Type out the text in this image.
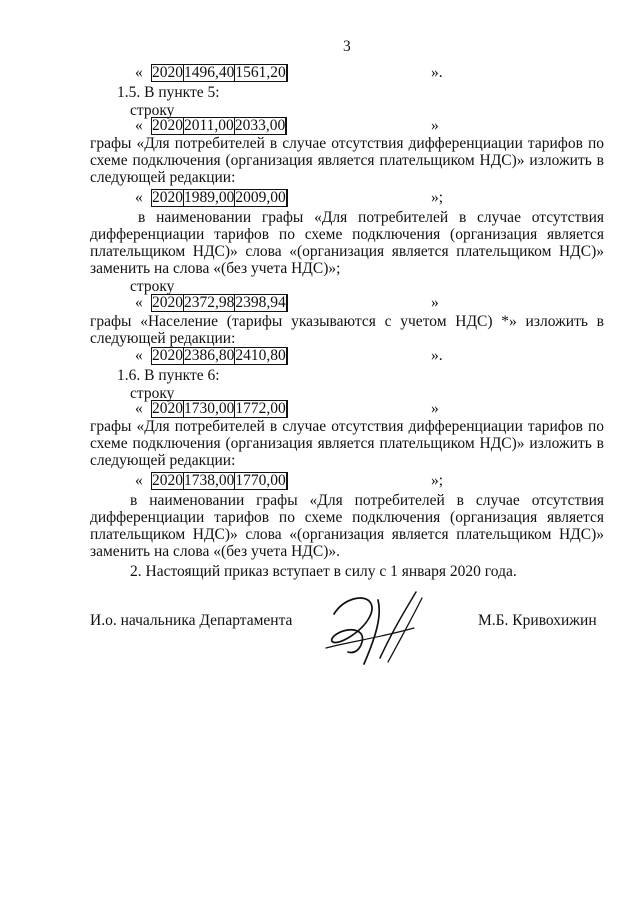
3
« 2020	1496,40	1561,20		».
1.5. В пункте 5:
строку
« 2020	2011,00	2033,00		»
графы «Для потребителей в случае отсутствия дифференциации тарифов по схеме подключения (организация является плательщиком НДС)» изложить в следующей редакции:
« 2020	1989,00	2009,00		»;
в наименовании графы «Для потребителей в случае отсутствия дифференциации тарифов по схеме подключения (организация является плательщиком НДС)» слова «(организация является плательщиком НДС)» заменить на слова «(без учета НДС)»;
строку
« 2020	2372,98	2398,94		»
графы «Население (тарифы указываются с учетом НДС) *» изложить в следующей редакции:
« 2020	2386,80	2410,80		».
1.6. В пункте 6:
строку
« 2020	1730,00	1772,00		»
графы «Для потребителей в случае отсутствия дифференциации тарифов по схеме подключения (организация является плательщиком НДС)» изложить в следующей редакции:
« 2020	1738,00	1770,00		»;
в наименовании графы «Для потребителей в случае отсутствия дифференциации тарифов по схеме подключения (организация является плательщиком НДС)» слова «(организация является плательщиком НДС)» заменить на слова «(без учета НДС)».
2. Настоящий приказ вступает в силу с 1 января 2020 года.
И.о. начальника Департамента	М.Б. Кривохижин
